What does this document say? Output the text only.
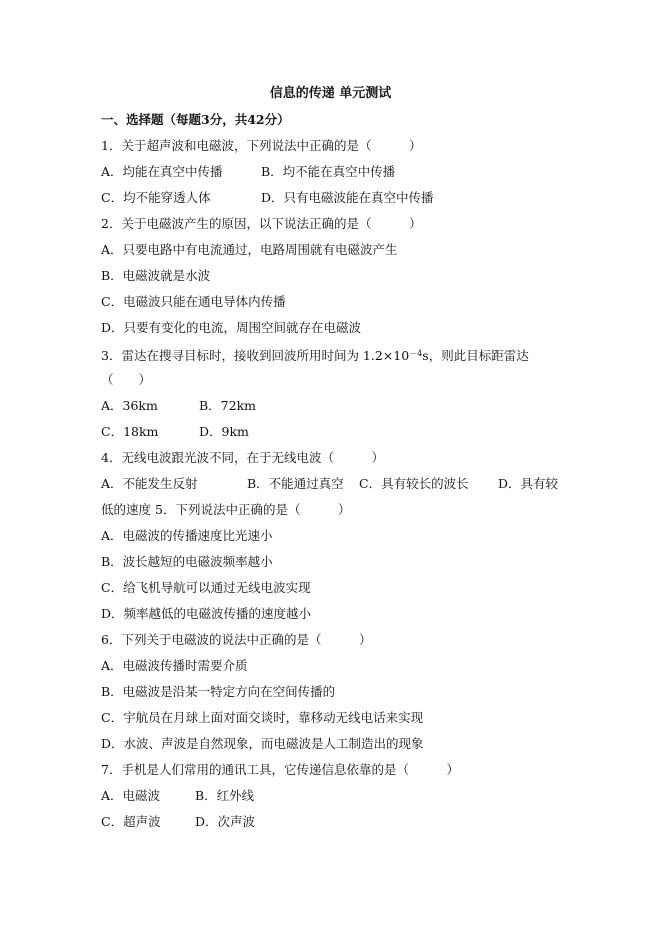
信息的传递 单元测试
一、选择题（每题3分，共42分）
1．关于超声波和电磁波，下列说法中正确的是（　　　）
A．均能在真空中传播	B．均不能在真空中传播
C．均不能穿透人体	D．只有电磁波能在真空中传播
2．关于电磁波产生的原因，以下说法正确的是（　　　）
A．只要电路中有电流通过，电路周围就有电磁波产生
B．电磁波就是水波
C．电磁波只能在通电导体内传播
D．只要有变化的电流，周围空间就存在电磁波
3．雷达在搜寻目标时，接收到回波所用时间为 $1.2\times 10^{-4}s$，则此目标距雷达
（　　）
A．36km	B．72km
C．18km	D．9km
4．无线电波跟光波不同，在于无线电波（　　　）
A．不能发生反射	B．不能通过真空 C．具有较长的波长 D．具有较
低的速度 5．下列说法中正确的是（　　　）
A．电磁波的传播速度比光速小
B．波长越短的电磁波频率越小
C．给飞机导航可以通过无线电波实现
D．频率越低的电磁波传播的速度越小
6．下列关于电磁波的说法中正确的是（　　　）
A．电磁波传播时需要介质
B．电磁波是沿某一特定方向在空间传播的
C．宇航员在月球上面对面交谈时，靠移动无线电话来实现
D．水波、声波是自然现象，而电磁波是人工制造出的现象
7．手机是人们常用的通讯工具，它传递信息依靠的是（　　　）
A．电磁波	B．红外线
C．超声波	D．次声波
